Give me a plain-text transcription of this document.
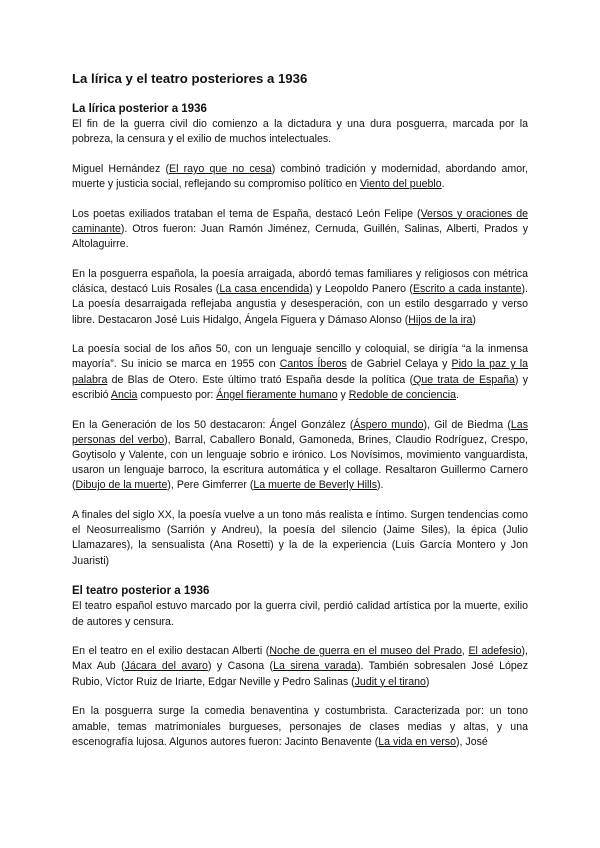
La lírica y el teatro posteriores a 1936
La lírica posterior a 1936

El fin de la guerra civil dio comienzo a la dictadura y una dura posguerra, marcada por la pobreza, la censura y el exilio de muchos intelectuales.

Miguel Hernández (El rayo que no cesa) combinó tradición y modernidad, abordando amor, muerte y justicia social, reflejando su compromiso político en Viento del pueblo.

Los poetas exiliados trataban el tema de España, destacó León Felipe (Versos y oraciones de caminante). Otros fueron: Juan Ramón Jiménez, Cernuda, Guillén, Salinas, Alberti, Prados y Altolaguirre.

En la posguerra española, la poesía arraigada, abordó temas familiares y religiosos con métrica clásica, destacó Luis Rosales (La casa encendida) y Leopoldo Panero (Escrito a cada instante). La poesía desarraigada reflejaba angustia y desesperación, con un estilo desgarrado y verso libre. Destacaron José Luis Hidalgo, Ángela Figuera y Dámaso Alonso (Hijos de la ira)

La poesía social de los años 50, con un lenguaje sencillo y coloquial, se dirigía “a la inmensa mayoría”. Su inicio se marca en 1955 con Cantos Íberos de Gabriel Celaya y Pido la paz y la palabra de Blas de Otero. Este último trató España desde la política (Que trata de España) y escribió Ancia compuesto por: Ángel fieramente humano y Redoble de conciencia.

En la Generación de los 50 destacaron: Ángel González (Áspero mundo), Gil de Biedma (Las personas del verbo), Barral, Caballero Bonald, Gamoneda, Brines, Claudio Rodríguez, Crespo, Goytisolo y Valente, con un lenguaje sobrio e irónico. Los Novísimos, movimiento vanguardista, usaron un lenguaje barroco, la escritura automática y el collage. Resaltaron Guillermo Carnero (Dibujo de la muerte), Pere Gimferrer (La muerte de Beverly Hills).

A finales del siglo XX, la poesía vuelve a un tono más realista e íntimo. Surgen tendencias como el Neosurrealismo (Sarrión y Andreu), la poesía del silencio (Jaime Siles), la épica (Julio Llamazares), la sensualista (Ana Rosetti) y la de la experiencia (Luis García Montero y Jon Juaristi)

El teatro posterior a 1936

El teatro español estuvo marcado por la guerra civil, perdió calidad artística por la muerte, exilio de autores y censura.

En el teatro en el exilio destacan Alberti (Noche de guerra en el museo del Prado, El adefesio), Max Aub (Jácara del avaro) y Casona (La sirena varada). También sobresalen José López Rubio, Víctor Ruiz de Iriarte, Edgar Neville y Pedro Salinas (Judit y el tirano)

En la posguerra surge la comedia benaventina y costumbrista. Caracterizada por: un tono amable, temas matrimoniales burgueses, personajes de clases medias y altas, y una escenografía lujosa. Algunos autores fueron: Jacinto Benavente (La vida en verso), José
